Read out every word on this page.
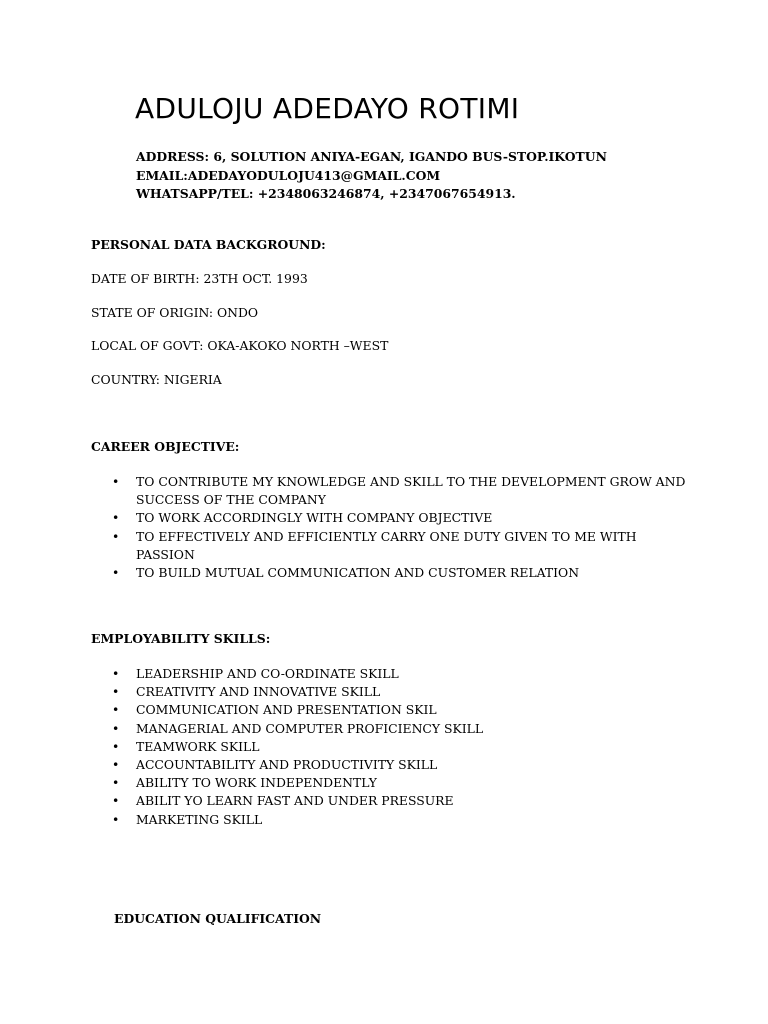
ADULOJU ADEDAYO ROTIMI
ADDRESS: 6, SOLUTION ANIYA-EGAN, IGANDO BUS-STOP.IKOTUN
EMAIL:ADEDAYODULOJU413@GMAIL.COM
WHATSAPP/TEL: +2348063246874, +2347067654913.
PERSONAL DATA BACKGROUND:
DATE OF BIRTH: 23TH OCT. 1993
STATE OF ORIGIN: ONDO
LOCAL OF GOVT: OKA-AKOKO NORTH –WEST
COUNTRY: NIGERIA
CAREER OBJECTIVE:
• TO CONTRIBUTE MY KNOWLEDGE AND SKILL TO THE DEVELOPMENT GROW AND SUCCESS OF THE COMPANY
• TO WORK ACCORDINGLY WITH COMPANY OBJECTIVE
• TO EFFECTIVELY AND EFFICIENTLY CARRY ONE DUTY GIVEN TO ME WITH PASSION
• TO BUILD MUTUAL COMMUNICATION AND CUSTOMER RELATION
EMPLOYABILITY SKILLS:
• LEADERSHIP AND CO-ORDINATE SKILL
• CREATIVITY AND INNOVATIVE SKILL
• COMMUNICATION AND PRESENTATION SKIL
• MANAGERIAL AND COMPUTER PROFICIENCY SKILL
• TEAMWORK SKILL
• ACCOUNTABILITY AND PRODUCTIVITY SKILL
• ABILITY TO WORK INDEPENDENTLY
• ABILIT YO LEARN FAST AND UNDER PRESSURE
• MARKETING SKILL
EDUCATION QUALIFICATION
